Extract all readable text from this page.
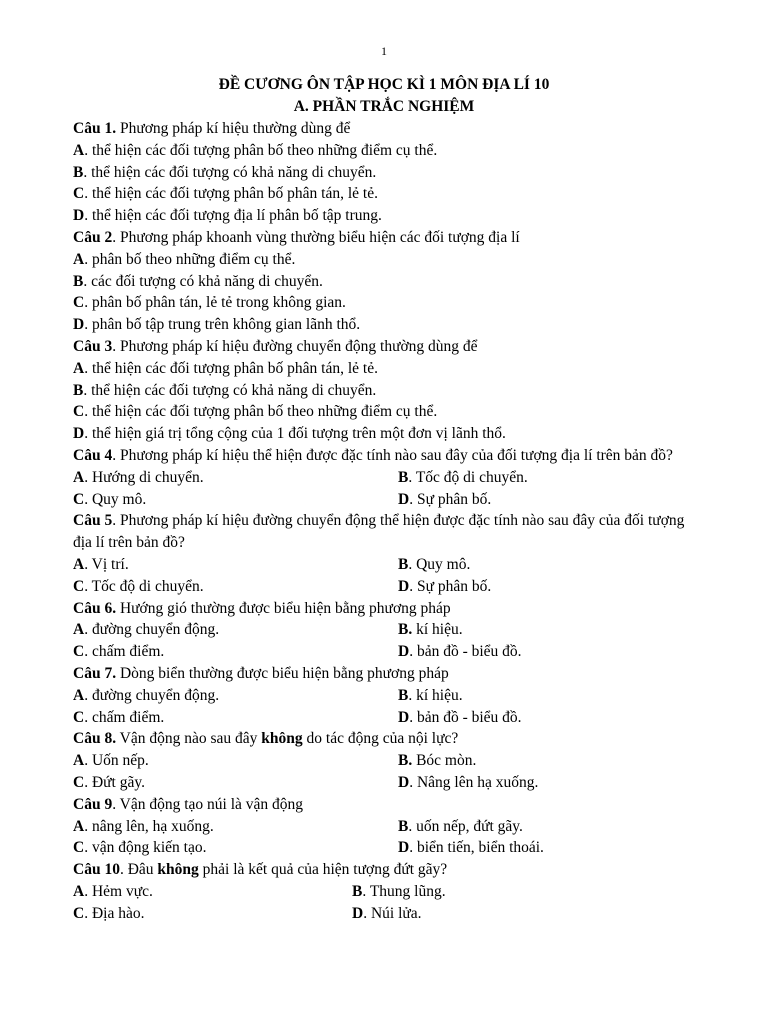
1
ĐỀ CƯƠNG ÔN TẬP HỌC KÌ 1 MÔN ĐỊA LÍ 10
A. PHẦN TRẮC NGHIỆM
Câu 1. Phương pháp kí hiệu thường dùng để
A. thể hiện các đối tượng phân bố theo những điểm cụ thể.
B. thể hiện các đối tượng có khả năng di chuyển.
C. thể hiện các đối tượng phân bố phân tán, lẻ tẻ.
D. thể hiện các đối tượng địa lí phân bố tập trung.
Câu 2. Phương pháp khoanh vùng thường biểu hiện các đối tượng địa lí
A. phân bố theo những điểm cụ thể.
B. các đối tượng có khả năng di chuyển.
C. phân bố phân tán, lẻ tẻ trong không gian.
D. phân bố tập trung trên không gian lãnh thổ.
Câu 3. Phương pháp kí hiệu đường chuyển động thường dùng để
A. thể hiện các đối tượng phân bố phân tán, lẻ tẻ.
B. thể hiện các đối tượng có khả năng di chuyển.
C. thể hiện các đối tượng phân bố theo những điểm cụ thể.
D. thể hiện giá trị tổng cộng của 1 đối tượng trên một đơn vị lãnh thổ.
Câu 4. Phương pháp kí hiệu thể hiện được đặc tính nào sau đây của đối tượng địa lí trên bản đồ?
A. Hướng di chuyển.	B. Tốc độ di chuyển.
C. Quy mô.	D. Sự phân bố.
Câu 5. Phương pháp kí hiệu đường chuyển động thể hiện được đặc tính nào sau đây của đối tượng địa lí trên bản đồ?
A. Vị trí.	B. Quy mô.
C. Tốc độ di chuyển.	D. Sự phân bố.
Câu 6. Hướng gió thường được biểu hiện bằng phương pháp
A. đường chuyển động.	B. kí hiệu.
C. chấm điểm.	D. bản đồ - biểu đồ.
Câu 7. Dòng biển thường được biểu hiện bằng phương pháp
A. đường chuyển động.	B. kí hiệu.
C. chấm điểm.	D. bản đồ - biểu đồ.
Câu 8. Vận động nào sau đây không do tác động của nội lực?
A. Uốn nếp.	B. Bóc mòn.
C. Đứt gãy.	D. Nâng lên hạ xuống.
Câu 9. Vận động tạo núi là vận động
A. nâng lên, hạ xuống.	B. uốn nếp, đứt gãy.
C. vận động kiến tạo.	D. biển tiến, biển thoái.
Câu 10. Đâu không phải là kết quả của hiện tượng đứt gãy?
A. Hẻm vực.	B. Thung lũng.
C. Địa hào.	D. Núi lửa.
